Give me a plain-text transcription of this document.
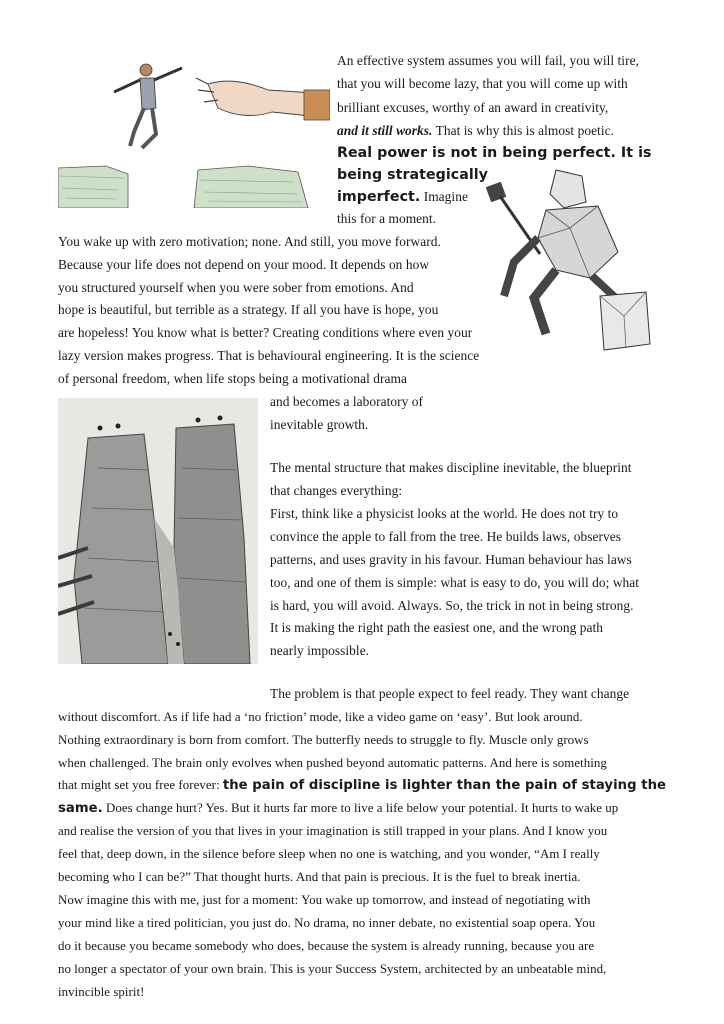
An effective system assumes you will fail, you will tire,
that you will become lazy, that you will come up with
brilliant excuses, worthy of an award in creativity,
and it still works. That is why this is almost poetic.
Real power is not in being perfect. It is
being strategically
imperfect. Imagine
this for a moment.
You wake up with zero motivation; none. And still, you move forward.
Because your life does not depend on your mood. It depends on how
you structured yourself when you were sober from emotions. And
hope is beautiful, but terrible as a strategy. If all you have is hope, you
are hopeless! You know what is better? Creating conditions where even your
lazy version makes progress. That is behavioural engineering. It is the science
of personal freedom, when life stops being a motivational drama
and becomes a laboratory of
inevitable growth.
The mental structure that makes discipline inevitable, the blueprint
that changes everything:
First, think like a physicist looks at the world. He does not try to
convince the apple to fall from the tree. He builds laws, observes
patterns, and uses gravity in his favour. Human behaviour has laws
too, and one of them is simple: what is easy to do, you will do; what
is hard, you will avoid. Always. So, the trick in not in being strong.
It is making the right path the easiest one, and the wrong path
nearly impossible.
The problem is that people expect to feel ready. They want change
without discomfort. As if life had a ‘no friction’ mode, like a video game on ‘easy’. But look around.
Nothing extraordinary is born from comfort. The butterfly needs to struggle to fly. Muscle only grows
when challenged. The brain only evolves when pushed beyond automatic patterns. And here is something
that might set you free forever: the pain of discipline is lighter than the pain of staying the
same. Does change hurt? Yes. But it hurts far more to live a life below your potential. It hurts to wake up
and realise the version of you that lives in your imagination is still trapped in your plans. And I know you
feel that, deep down, in the silence before sleep when no one is watching, and you wonder, “Am I really
becoming who I can be?” That thought hurts. And that pain is precious. It is the fuel to break inertia.
Now imagine this with me, just for a moment: You wake up tomorrow, and instead of negotiating with
your mind like a tired politician, you just do. No drama, no inner debate, no existential soap opera. You
do it because you became somebody who does, because the system is already running, because you are
no longer a spectator of your own brain. This is your Success System, architected by an unbeatable mind,
invincible spirit!
